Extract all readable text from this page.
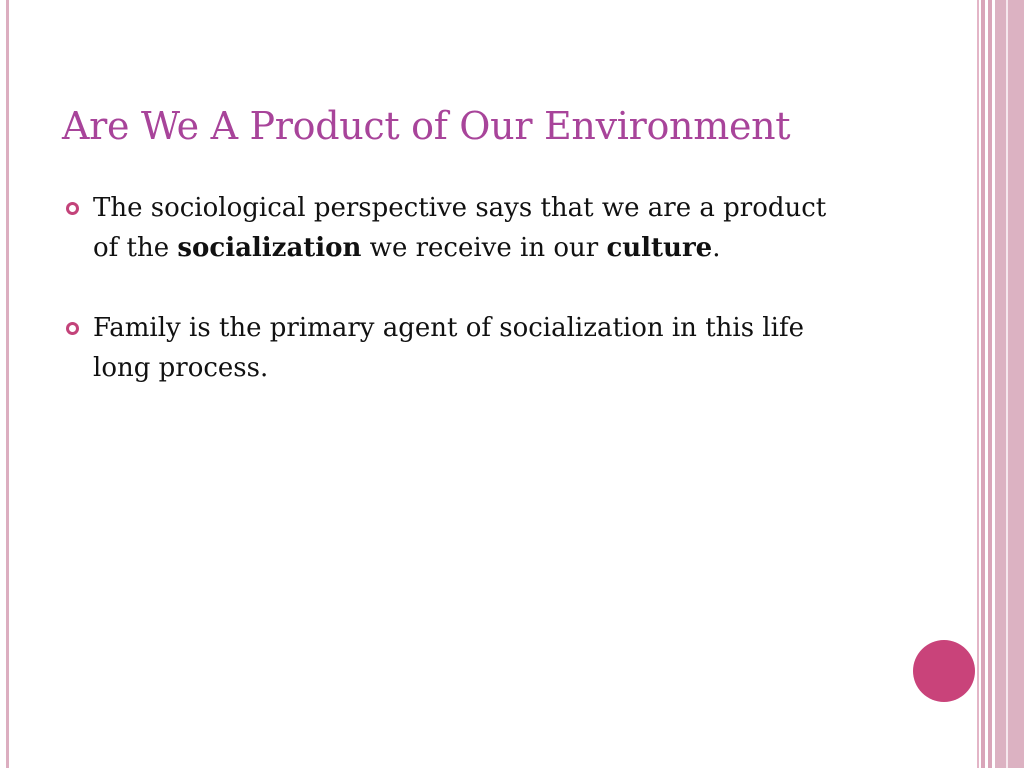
Are We A Product of Our Environment
The sociological perspective says that we are a product of the socialization we receive in our culture.
Family is the primary agent of socialization in this life long process.
